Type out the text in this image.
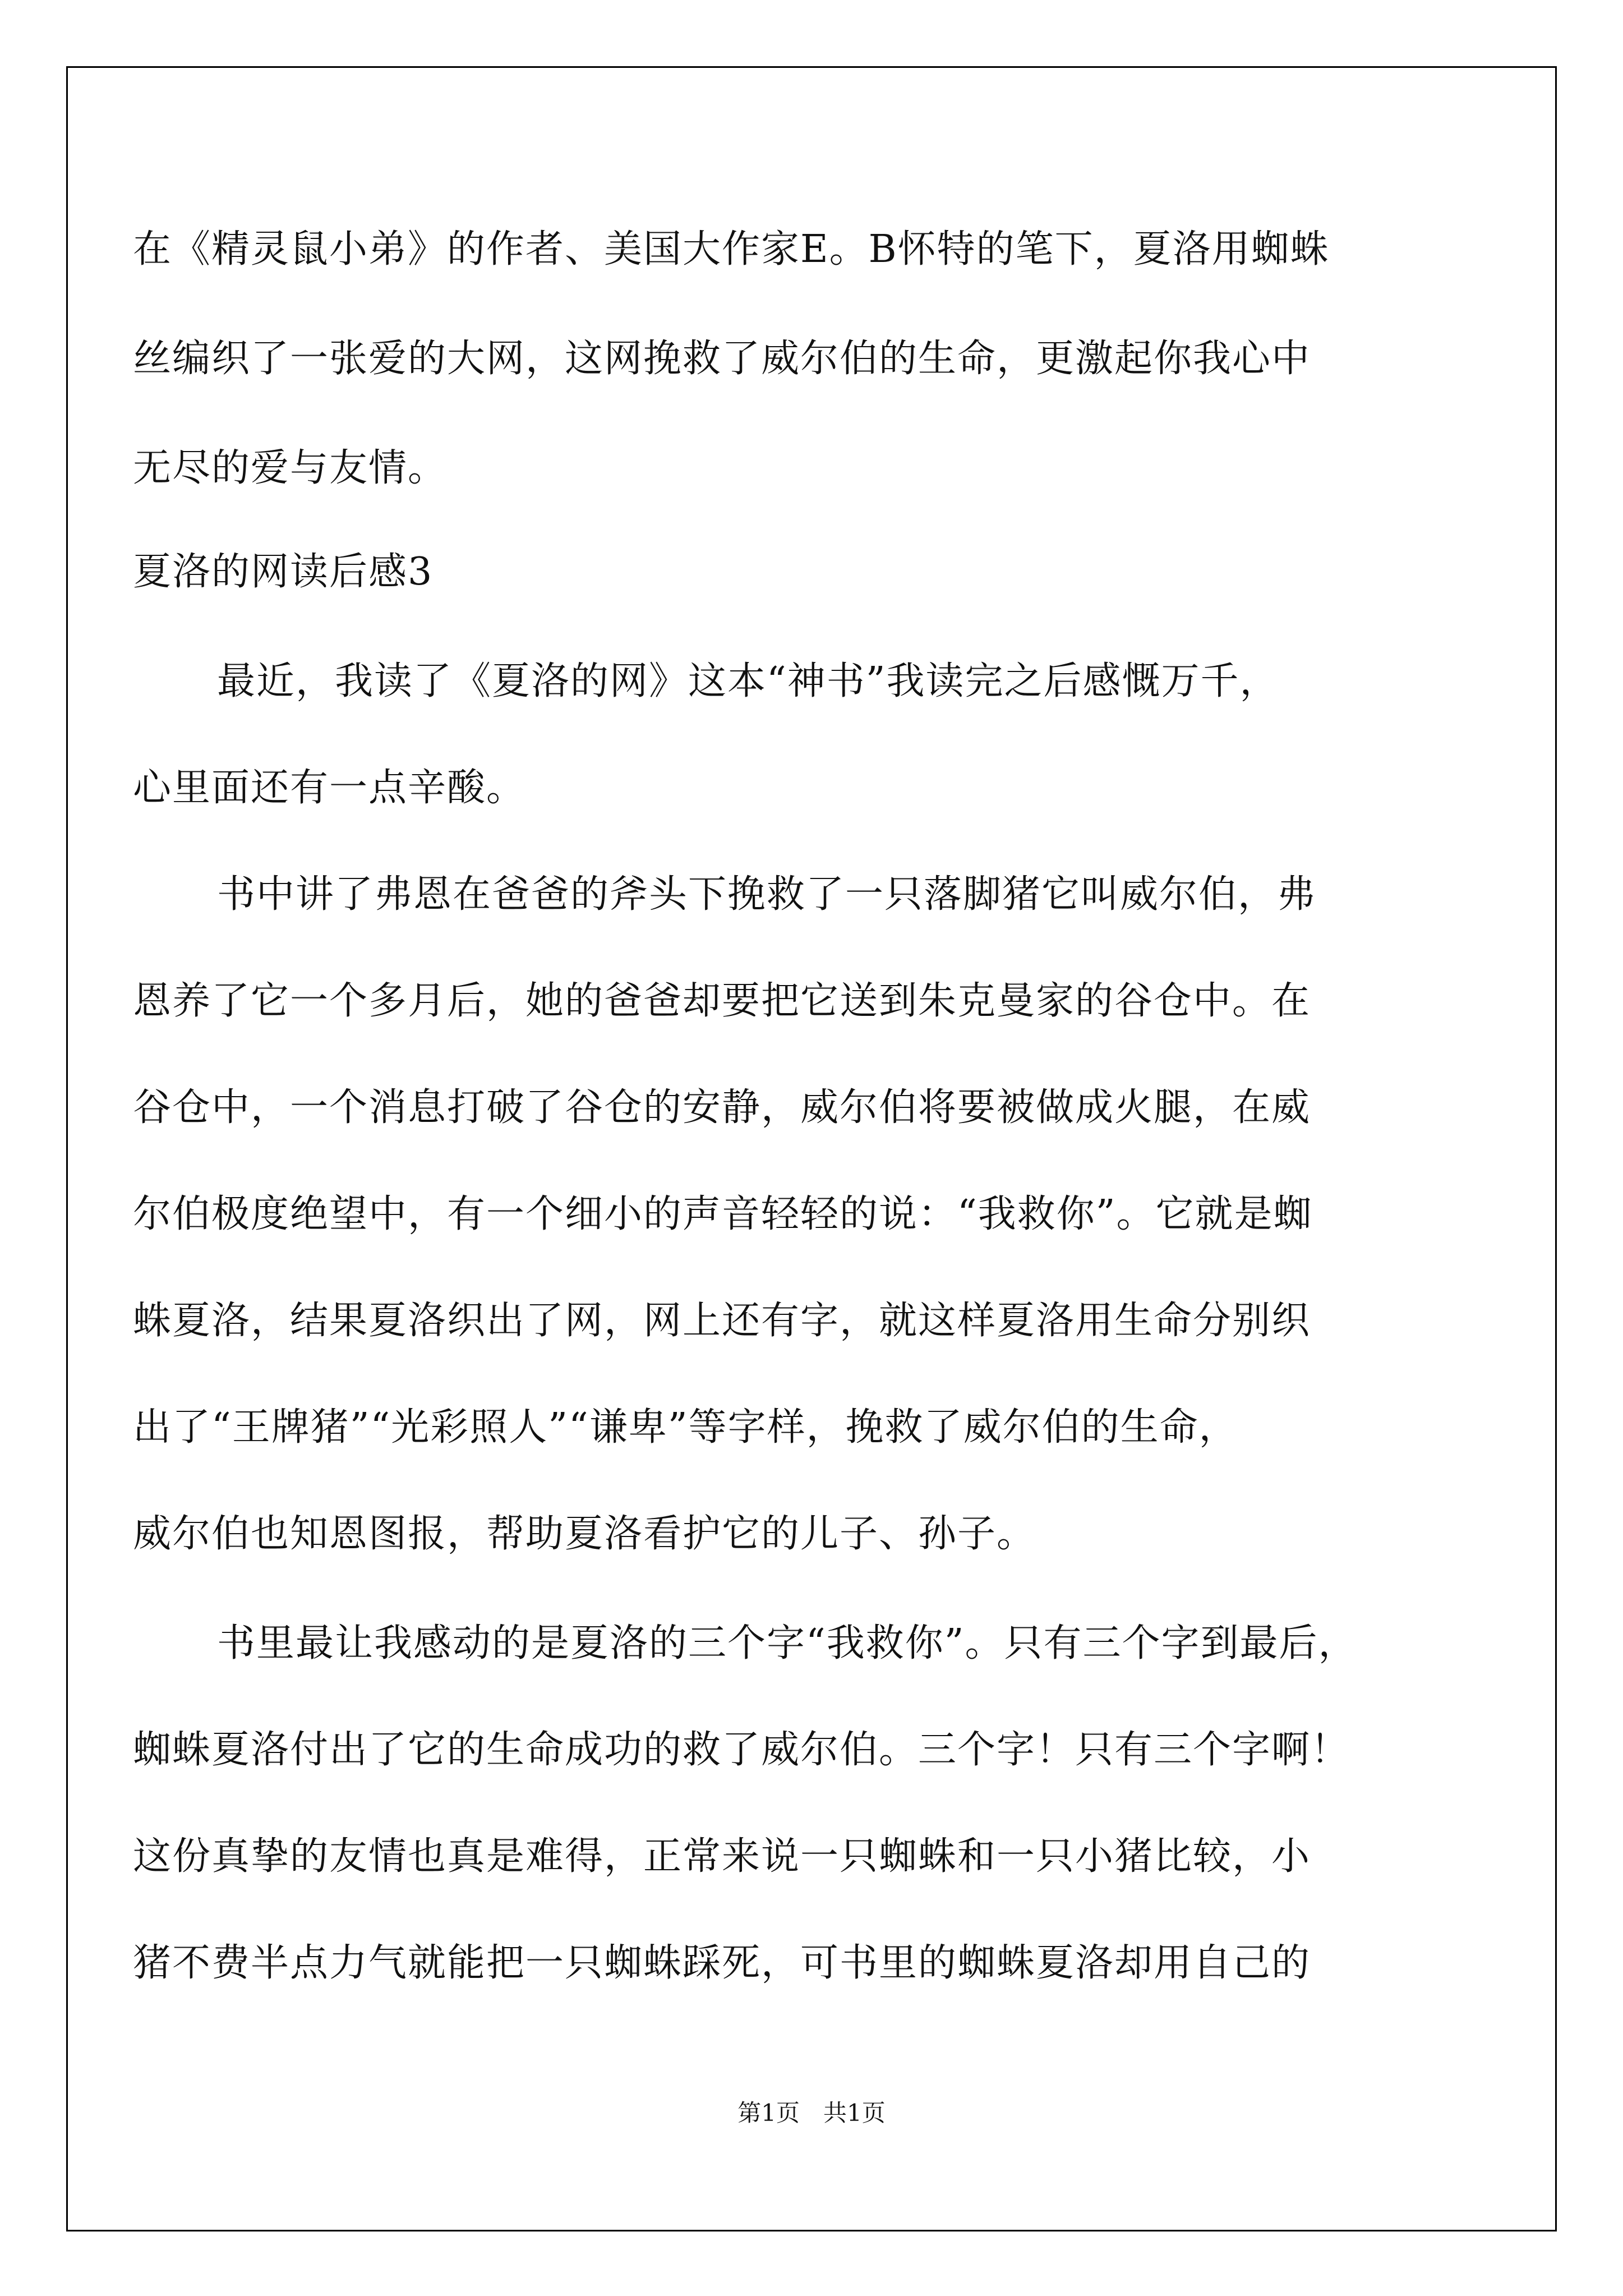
在《精灵鼠小弟》的作者、美国大作家E。B怀特的笔下，夏洛用蜘蛛
丝编织了一张爱的大网，这网挽救了威尔伯的生命，更激起你我心中
无尽的爱与友情。
夏洛的网读后感3
最近，我读了《夏洛的网》这本“神书”我读完之后感慨万千，
心里面还有一点辛酸。
书中讲了弗恩在爸爸的斧头下挽救了一只落脚猪它叫威尔伯，弗
恩养了它一个多月后，她的爸爸却要把它送到朱克曼家的谷仓中。在
谷仓中，一个消息打破了谷仓的安静，威尔伯将要被做成火腿，在威
尔伯极度绝望中，有一个细小的声音轻轻的说：“我救你”。它就是蜘
蛛夏洛，结果夏洛织出了网，网上还有字，就这样夏洛用生命分别织
出了“王牌猪”“光彩照人”“谦卑”等字样，挽救了威尔伯的生命，
威尔伯也知恩图报，帮助夏洛看护它的儿子、孙子。
书里最让我感动的是夏洛的三个字“我救你”。只有三个字到最后，
蜘蛛夏洛付出了它的生命成功的救了威尔伯。三个字！只有三个字啊！
这份真挚的友情也真是难得，正常来说一只蜘蛛和一只小猪比较，小
猪不费半点力气就能把一只蜘蛛踩死，可书里的蜘蛛夏洛却用自己的
第1页　共1页
